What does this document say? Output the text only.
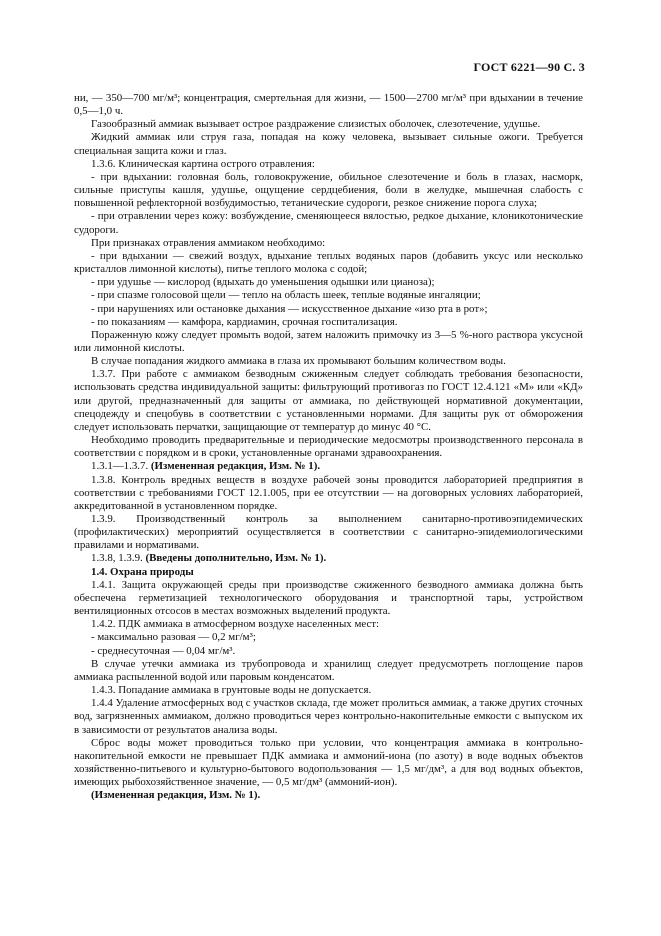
ГОСТ 6221—90 С. 3

ни, — 350—700 мг/м³; концентрация, смертельная для жизни, — 1500—2700 мг/м³ при вдыхании в течение 0,5—1,0 ч.

Газообразный аммиак вызывает острое раздражение слизистых оболочек, слезотечение, удушье.

Жидкий аммиак или струя газа, попадая на кожу человека, вызывает сильные ожоги. Требуется специальная защита кожи и глаз.

1.3.6. Клиническая картина острого отравления:

- при вдыхании: головная боль, головокружение, обильное слезотечение и боль в глазах, насморк, сильные приступы кашля, удушье, ощущение сердцебиения, боли в желудке, мышечная слабость с повышенной рефлекторной возбудимостью, тетанические судороги, резкое снижение порога слуха;

- при отравлении через кожу: возбуждение, сменяющееся вялостью, редкое дыхание, клоникотонические судороги.

При признаках отравления аммиаком необходимо:

- при вдыхании — свежий воздух, вдыхание теплых водяных паров (добавить уксус или несколько кристаллов лимонной кислоты), питье теплого молока с содой;

- при удушье — кислород (вдыхать до уменьшения одышки или цианоза);

- при спазме голосовой щели — тепло на область шеек, теплые водяные ингаляции;

- при нарушениях или остановке дыхания — искусственное дыхание «изо рта в рот»;

- по показаниям — камфора, кардиамин, срочная госпитализация.

Пораженную кожу следует промыть водой, затем наложить примочку из 3—5 %-ного раствора уксусной или лимонной кислоты.

В случае попадания жидкого аммиака в глаза их промывают большим количеством воды.

1.3.7. При работе с аммиаком безводным сжиженным следует соблюдать требования безопасности, использовать средства индивидуальной защиты: фильтрующий противогаз по ГОСТ 12.4.121 «М» или «КД» или другой, предназначенный для защиты от аммиака, по действующей нормативной документации, спецодежду и спецобувь в соответствии с установленными нормами. Для защиты рук от обморожения следует использовать перчатки, защищающие от температур до минус 40 °С.

Необходимо проводить предварительные и периодические медосмотры производственного персонала в соответствии с порядком и в сроки, установленные органами здравоохранения.

1.3.1—1.3.7. (Измененная редакция, Изм. № 1).

1.3.8. Контроль вредных веществ в воздухе рабочей зоны проводится лабораторией предприятия в соответствии с требованиями ГОСТ 12.1.005, при ее отсутствии — на договорных условиях лабораторией, аккредитованной в установленном порядке.

1.3.9. Производственный контроль за выполнением санитарно-противоэпидемических (профилактических) мероприятий осуществляется в соответствии с санитарно-эпидемиологическими правилами и нормативами.

1.3.8, 1.3.9. (Введены дополнительно, Изм. № 1).

1.4. Охрана природы

1.4.1. Защита окружающей среды при производстве сжиженного безводного аммиака должна быть обеспечена герметизацией технологического оборудования и транспортной тары, устройством вентиляционных отсосов в местах возможных выделений продукта.

1.4.2. ПДК аммиака в атмосферном воздухе населенных мест:

- максимально разовая — 0,2 мг/м³;

- среднесуточная — 0,04 мг/м³.

В случае утечки аммиака из трубопровода и хранилищ следует предусмотреть поглощение паров аммиака распыленной водой или паровым конденсатом.

1.4.3. Попадание аммиака в грунтовые воды не допускается.

1.4.4 Удаление атмосферных вод с участков склада, где может пролиться аммиак, а также других сточных вод, загрязненных аммиаком, должно проводиться через контрольно-накопительные емкости с выпуском их в зависимости от результатов анализа воды.

Сброс воды может проводиться только при условии, что концентрация аммиака в контрольно-накопительной емкости не превышает ПДК аммиака и аммоний-иона (по азоту) в воде водных объектов хозяйственно-питьевого и культурно-бытового водопользования — 1,5 мг/дм³, а для вод водных объектов, имеющих рыбохозяйственное значение, — 0,5 мг/дм³ (аммоний-ион).

(Измененная редакция, Изм. № 1).
